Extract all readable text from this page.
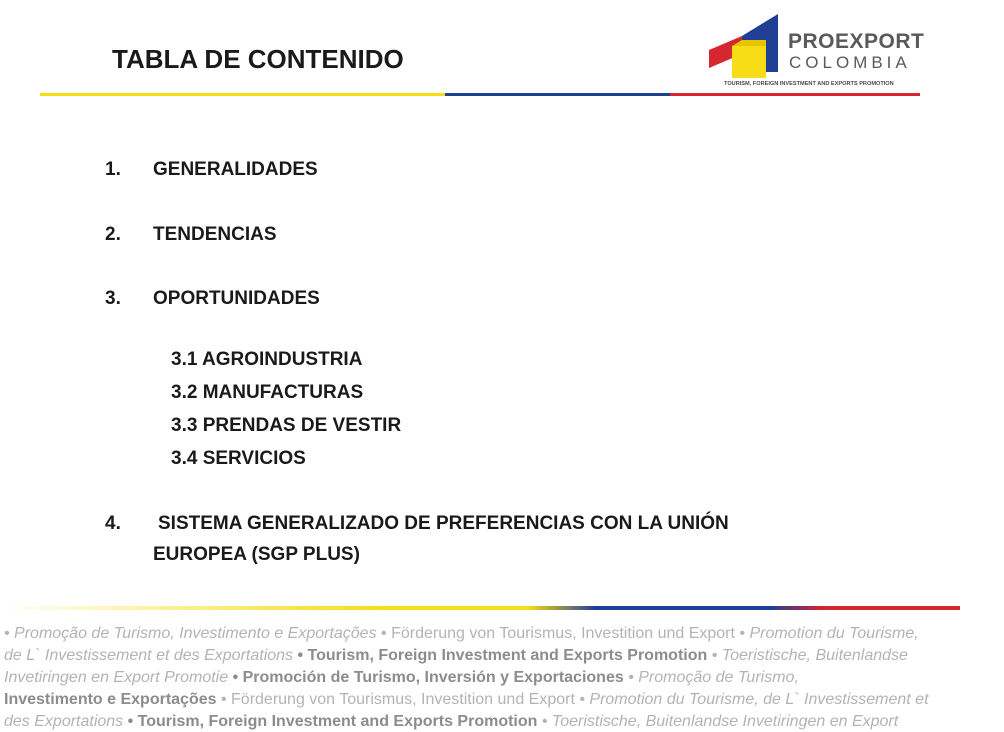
TABLA DE CONTENIDO
PROEXPORT
COLOMBIA
TOURISM, FOREIGN INVESTMENT AND EXPORTS PROMOTION
1. GENERALIDADES
2. TENDENCIAS
3. OPORTUNIDADES
3.1 AGROINDUSTRIA
3.2 MANUFACTURAS
3.3 PRENDAS DE VESTIR
3.4 SERVICIOS
4. SISTEMA GENERALIZADO DE PREFERENCIAS CON LA UNIÓN
EUROPEA (SGP PLUS)
• Promoção de Turismo, Investimento e Exportações • Förderung von Tourismus, Investition und Export • Promotion du Tourisme,
de L` Investissement et des Exportations • Tourism, Foreign Investment and Exports Promotion • Toeristische, Buitenlandse
Invetiringen en Export Promotie • Promoción de Turismo, Inversión y Exportaciones • Promoção de Turismo,
Investimento e Exportações • Förderung von Tourismus, Investition und Export • Promotion du Tourisme, de L` Investissement et
des Exportations • Tourism, Foreign Investment and Exports Promotion • Toeristische, Buitenlandse Invetiringen en Export
